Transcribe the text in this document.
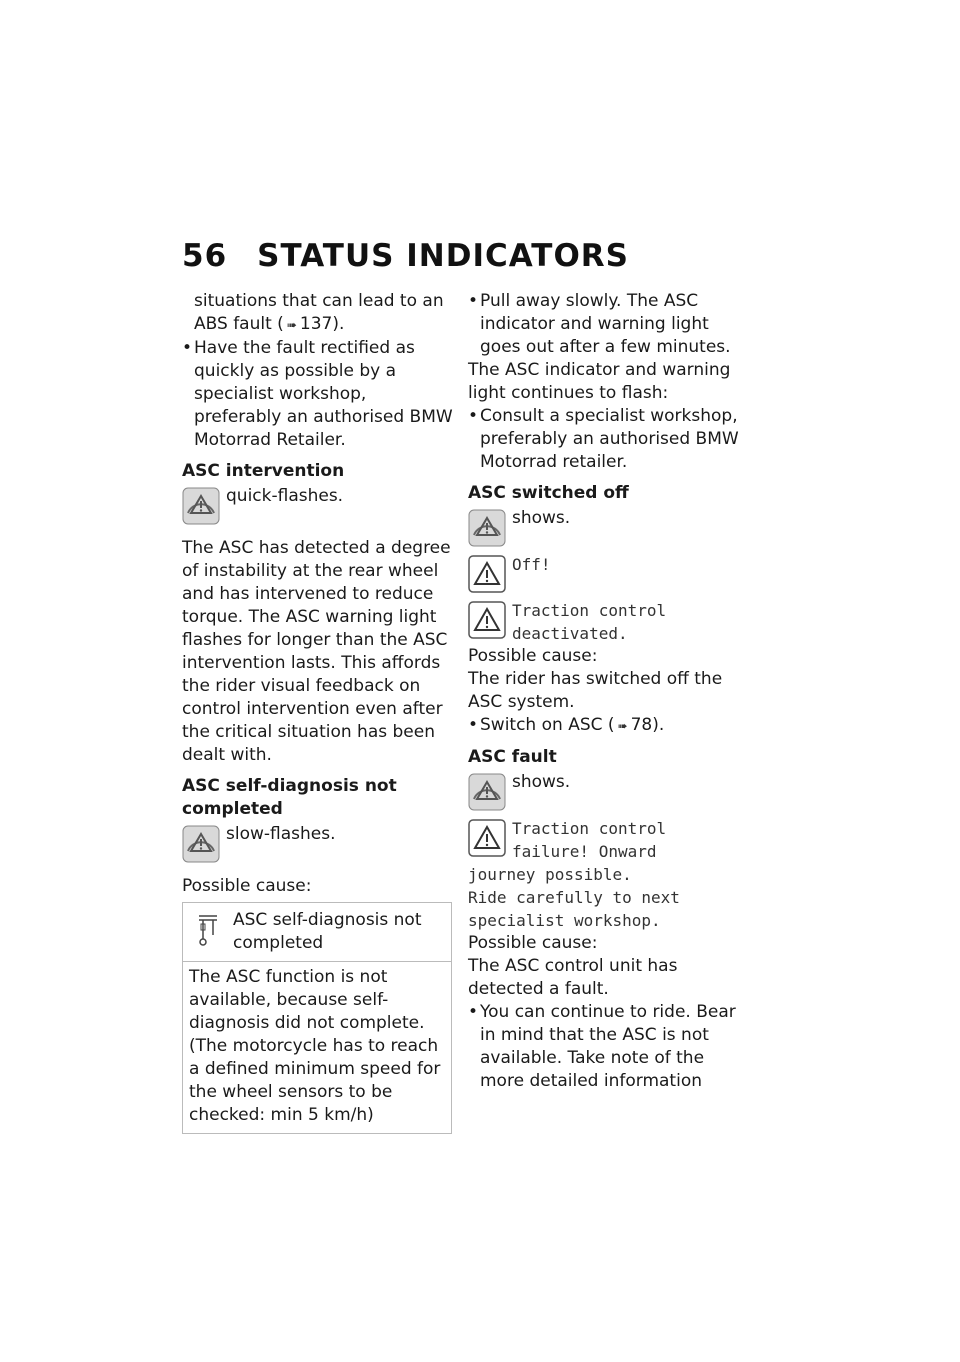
56 STATUS INDICATORS

situations that can lead to an ABS fault ( ➠ 137).

• Have the fault rectified as quickly as possible by a specialist workshop, preferably an authorised BMW Motorrad Retailer.

ASC intervention
quick-flashes.

The ASC has detected a degree of instability at the rear wheel and has intervened to reduce torque. The ASC warning light flashes for longer than the ASC intervention lasts. This affords the rider visual feedback on control intervention even after the critical situation has been dealt with.

ASC self-diagnosis not completed
slow-flashes.

Possible cause:

ASC self-diagnosis not completed
The ASC function is not available, because self-diagnosis did not complete. (The motorcycle has to reach a defined minimum speed for the wheel sensors to be checked: min 5 km/h)

• Pull away slowly. The ASC indicator and warning light goes out after a few minutes.

The ASC indicator and warning light continues to flash:

• Consult a specialist workshop, preferably an authorised BMW Motorrad retailer.

ASC switched off
shows.
Off!
Traction control deactivated.

Possible cause:

The rider has switched off the ASC system.

• Switch on ASC ( ➠ 78).

ASC fault
shows.
Traction control
failure! Onward
journey possible.
Ride carefully to next
specialist workshop.

Possible cause:

The ASC control unit has detected a fault.

• You can continue to ride. Bear in mind that the ASC is not available. Take note of the more detailed information
